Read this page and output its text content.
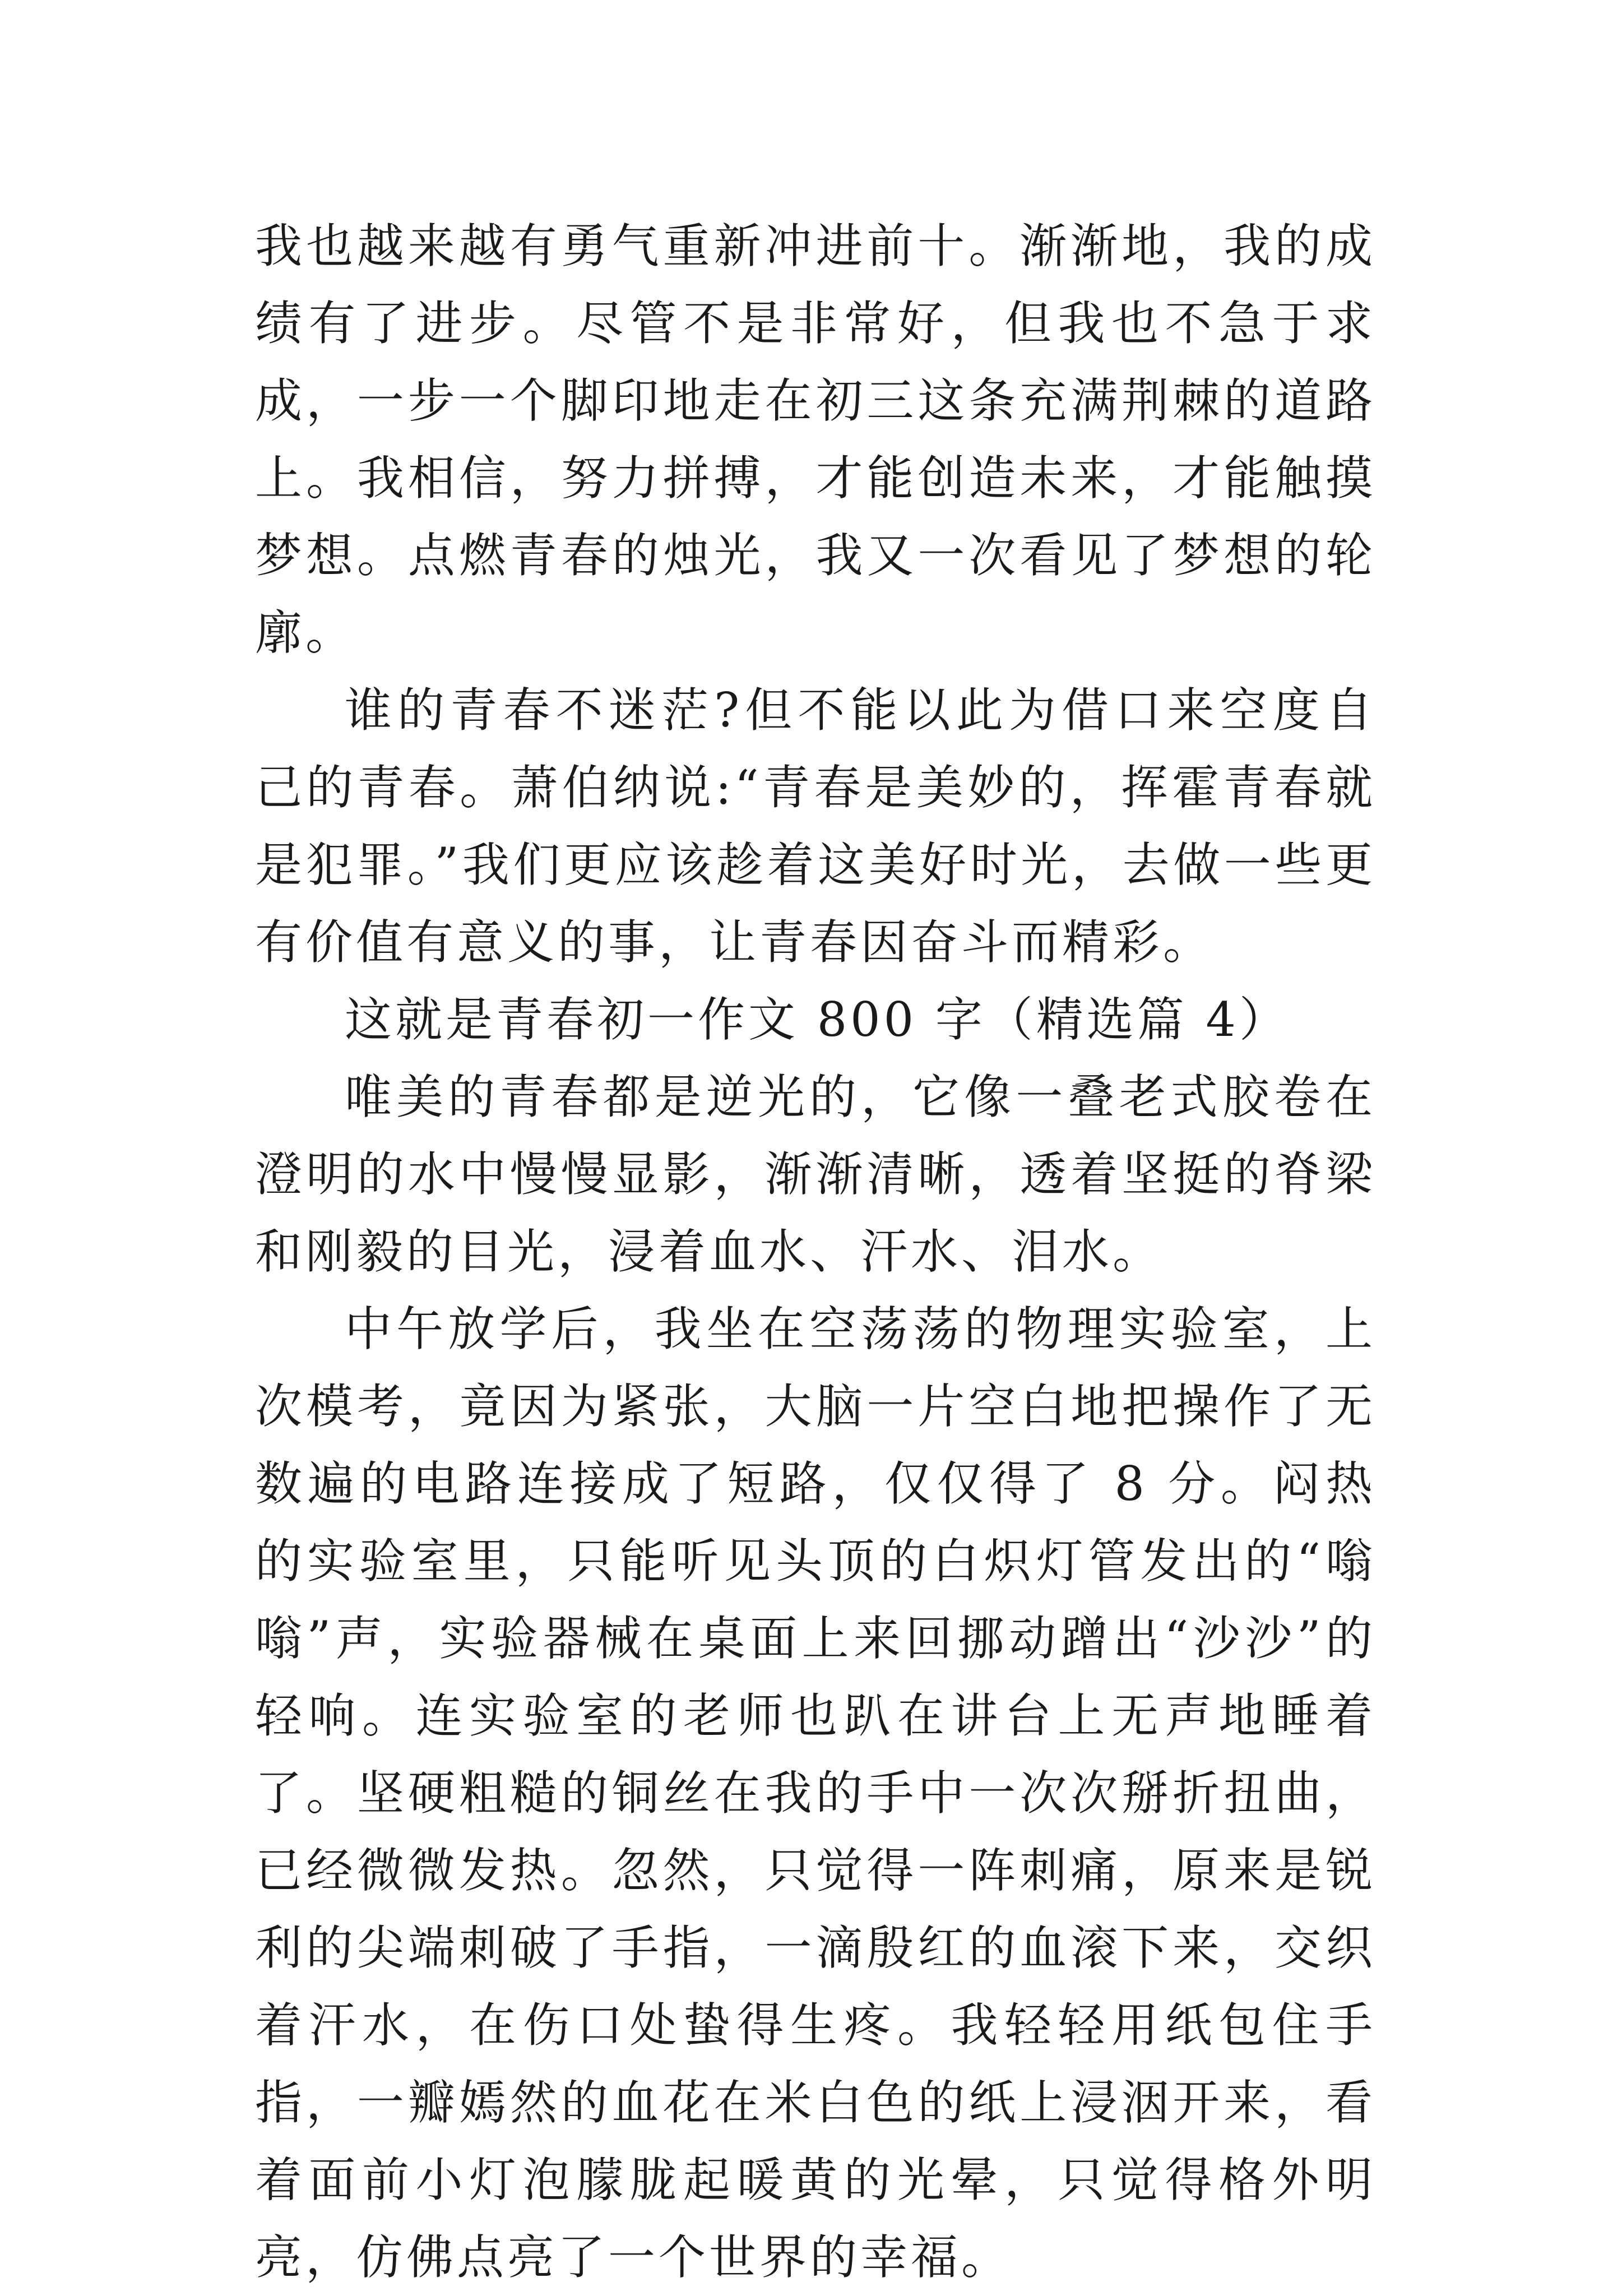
我也越来越有勇气重新冲进前十。渐渐地，我的成绩有了进步。尽管不是非常好，但我也不急于求成，一步一个脚印地走在初三这条充满荆棘的道路上。我相信，努力拼搏，才能创造未来，才能触摸梦想。点燃青春的烛光，我又一次看见了梦想的轮廓。

谁的青春不迷茫?但不能以此为借口来空度自己的青春。萧伯纳说:“青春是美妙的，挥霍青春就是犯罪。”我们更应该趁着这美好时光，去做一些更有价值有意义的事，让青春因奋斗而精彩。

这就是青春初一作文 800 字（精选篇 4）

唯美的青春都是逆光的，它像一叠老式胶卷在澄明的水中慢慢显影，渐渐清晰，透着坚挺的脊梁和刚毅的目光，浸着血水、汗水、泪水。

中午放学后，我坐在空荡荡的物理实验室，上次模考，竟因为紧张，大脑一片空白地把操作了无数遍的电路连接成了短路，仅仅得了 8 分。闷热的实验室里，只能听见头顶的白炽灯管发出的“嗡嗡”声，实验器械在桌面上来回挪动蹭出“沙沙”的轻响。连实验室的老师也趴在讲台上无声地睡着了。坚硬粗糙的铜丝在我的手中一次次掰折扭曲，已经微微发热。忽然，只觉得一阵刺痛，原来是锐利的尖端刺破了手指，一滴殷红的血滚下来，交织着汗水，在伤口处蛰得生疼。我轻轻用纸包住手指，一瓣嫣然的血花在米白色的纸上浸洇开来，看着面前小灯泡朦胧起暖黄的光晕，只觉得格外明亮，仿佛点亮了一个世界的幸福。
